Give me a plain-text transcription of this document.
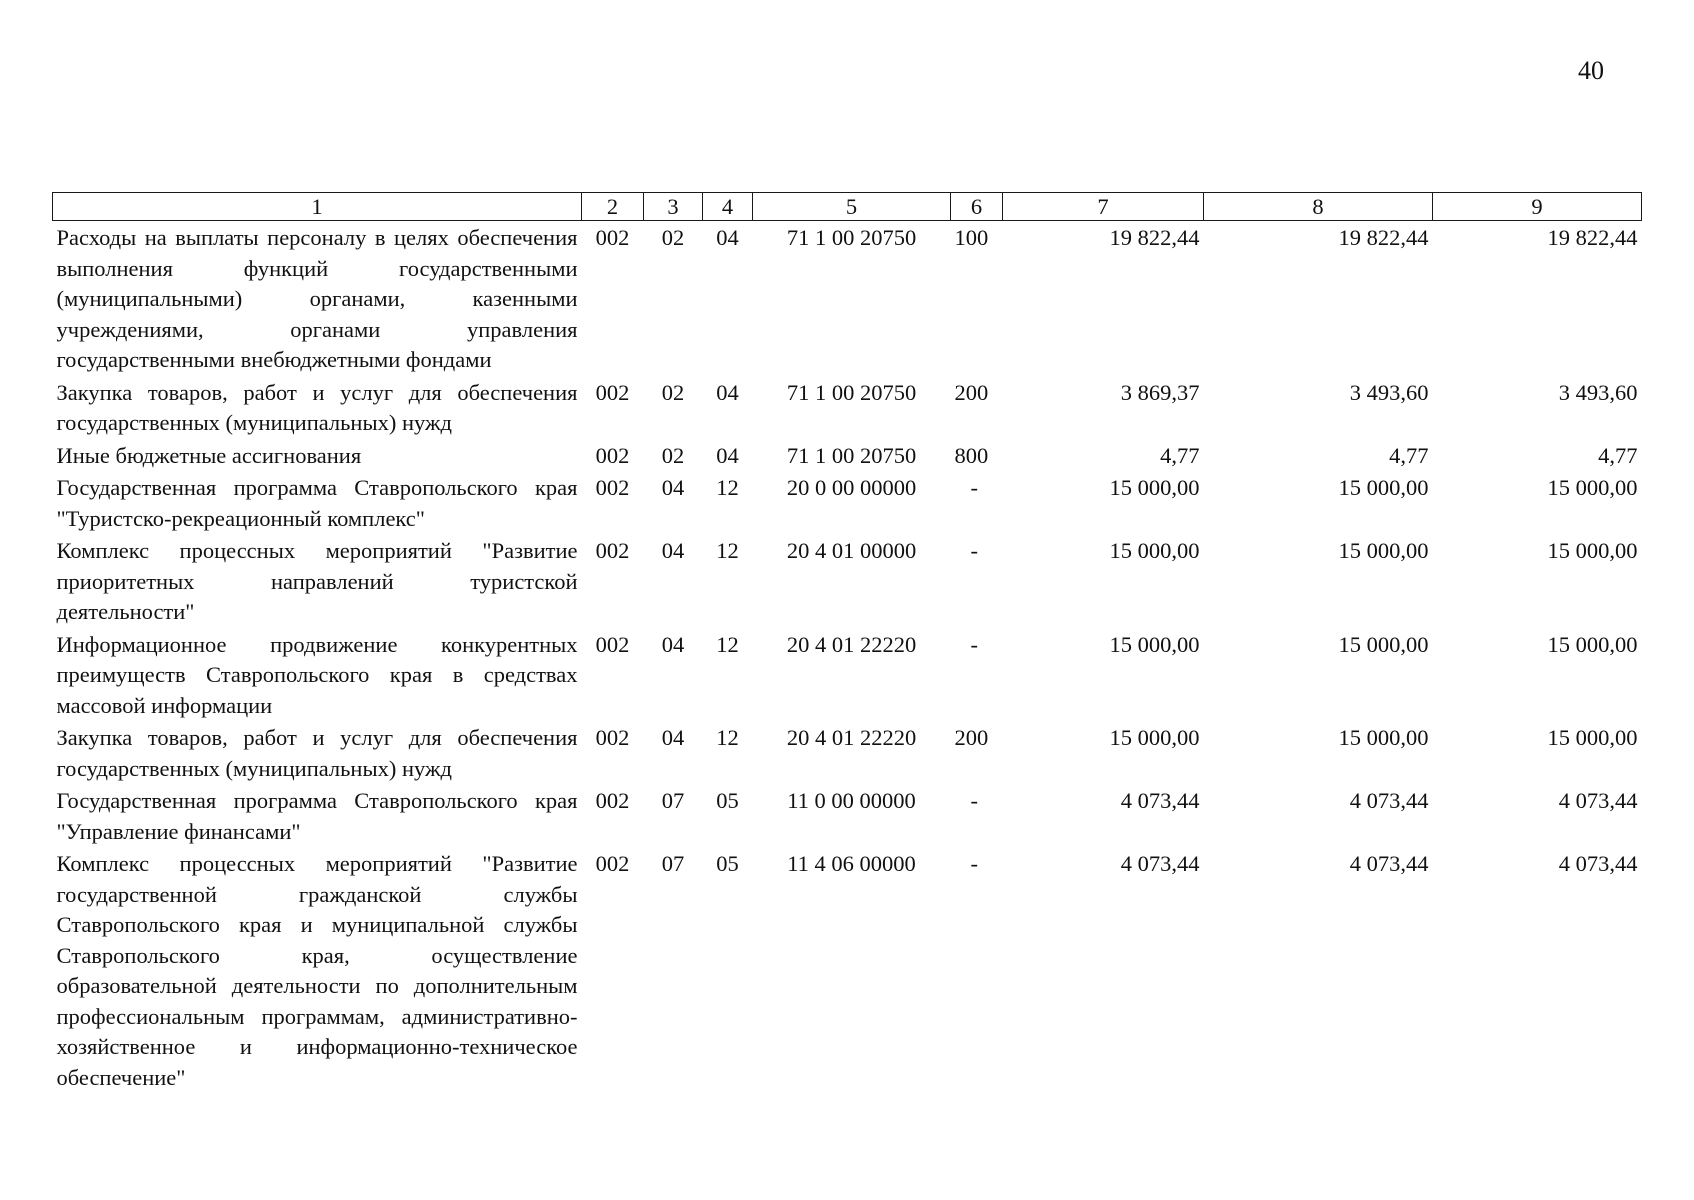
40
1	2	3	4	5	6	7	8	9
Расходы на выплаты персоналу в целях обеспечения выполнения функций государственными (муниципальными) органами, казенными учреждениями, органами управления государственными внебюджетными фондами	002	02	04	71 1 00 20750	100	19 822,44	19 822,44	19 822,44
Закупка товаров, работ и услуг для обеспечения государственных (муниципальных) нужд	002	02	04	71 1 00 20750	200	3 869,37	3 493,60	3 493,60
Иные бюджетные ассигнования	002	02	04	71 1 00 20750	800	4,77	4,77	4,77
Государственная программа Ставропольского края "Туристско-рекреационный комплекс"	002	04	12	20 0 00 00000	-	15 000,00	15 000,00	15 000,00
Комплекс процессных мероприятий "Развитие приоритетных направлений туристской деятельности"	002	04	12	20 4 01 00000	-	15 000,00	15 000,00	15 000,00
Информационное продвижение конкурентных преимуществ Ставропольского края в средствах массовой информации	002	04	12	20 4 01 22220	-	15 000,00	15 000,00	15 000,00
Закупка товаров, работ и услуг для обеспечения государственных (муниципальных) нужд	002	04	12	20 4 01 22220	200	15 000,00	15 000,00	15 000,00
Государственная программа Ставропольского края "Управление финансами"	002	07	05	11 0 00 00000	-	4 073,44	4 073,44	4 073,44
Комплекс процессных мероприятий "Развитие государственной гражданской службы Ставропольского края и муниципальной службы Ставропольского края, осуществление образовательной деятельности по дополнительным профессиональным программам, административно-хозяйственное и информационно-техническое обеспечение"	002	07	05	11 4 06 00000	-	4 073,44	4 073,44	4 073,44
